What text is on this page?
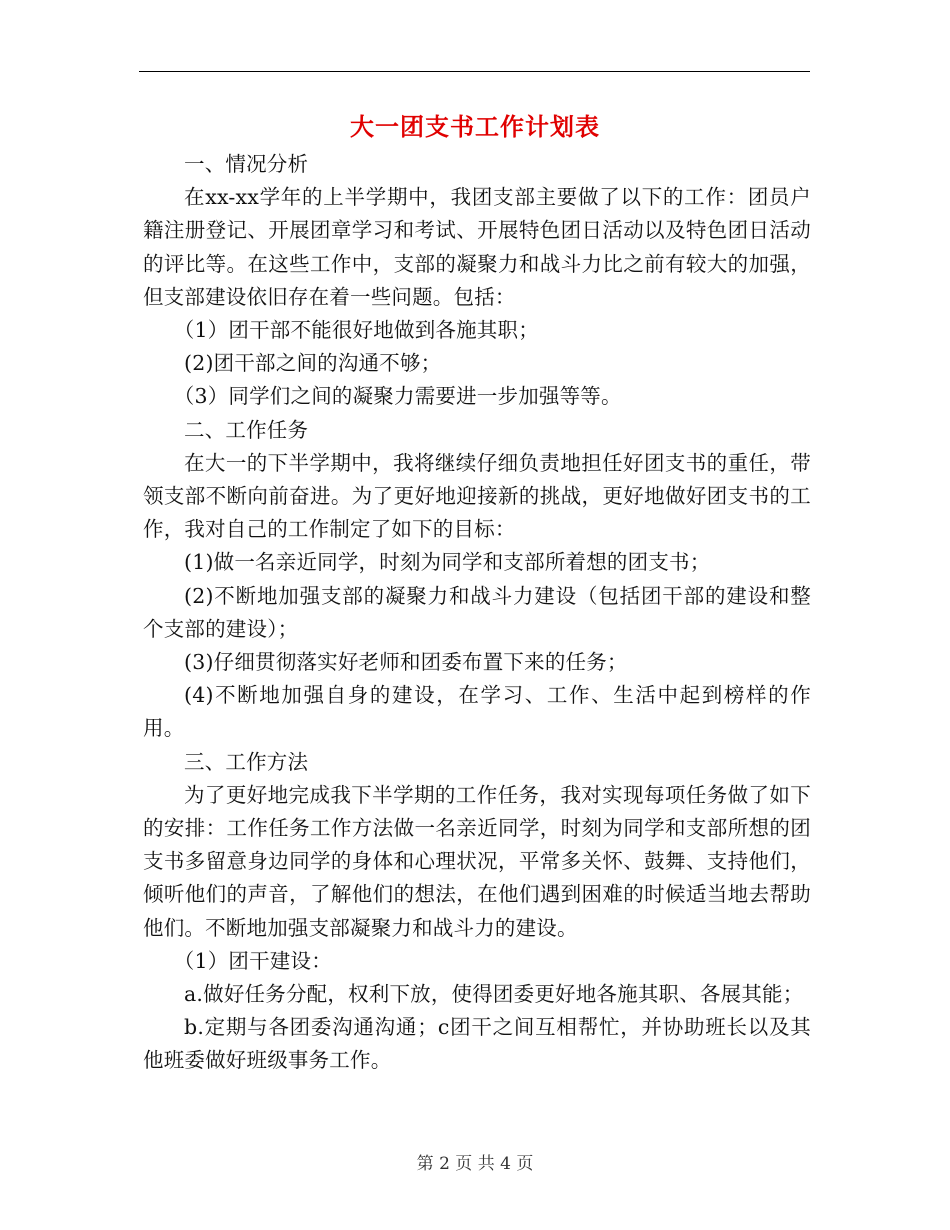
大一团支书工作计划表

一、情况分析

在xx-xx学年的上半学期中，我团支部主要做了以下的工作：团员户籍注册登记、开展团章学习和考试、开展特色团日活动以及特色团日活动的评比等。在这些工作中，支部的凝聚力和战斗力比之前有较大的加强，但支部建设依旧存在着一些问题。包括：

（1）团干部不能很好地做到各施其职；

(2)团干部之间的沟通不够；

（3）同学们之间的凝聚力需要进一步加强等等。

二、工作任务

在大一的下半学期中，我将继续仔细负责地担任好团支书的重任，带领支部不断向前奋进。为了更好地迎接新的挑战，更好地做好团支书的工作，我对自己的工作制定了如下的目标：

(1)做一名亲近同学，时刻为同学和支部所着想的团支书；

(2)不断地加强支部的凝聚力和战斗力建设（包括团干部的建设和整个支部的建设）；

(3)仔细贯彻落实好老师和团委布置下来的任务；

(4)不断地加强自身的建设，在学习、工作、生活中起到榜样的作用。

三、工作方法

为了更好地完成我下半学期的工作任务，我对实现每项任务做了如下的安排：工作任务工作方法做一名亲近同学，时刻为同学和支部所想的团支书多留意身边同学的身体和心理状况，平常多关怀、鼓舞、支持他们，倾听他们的声音，了解他们的想法，在他们遇到困难的时候适当地去帮助他们。不断地加强支部凝聚力和战斗力的建设。

（1）团干建设：

a.做好任务分配，权利下放，使得团委更好地各施其职、各展其能；

b.定期与各团委沟通沟通；c团干之间互相帮忙，并协助班长以及其他班委做好班级事务工作。

第 2 页 共 4 页
